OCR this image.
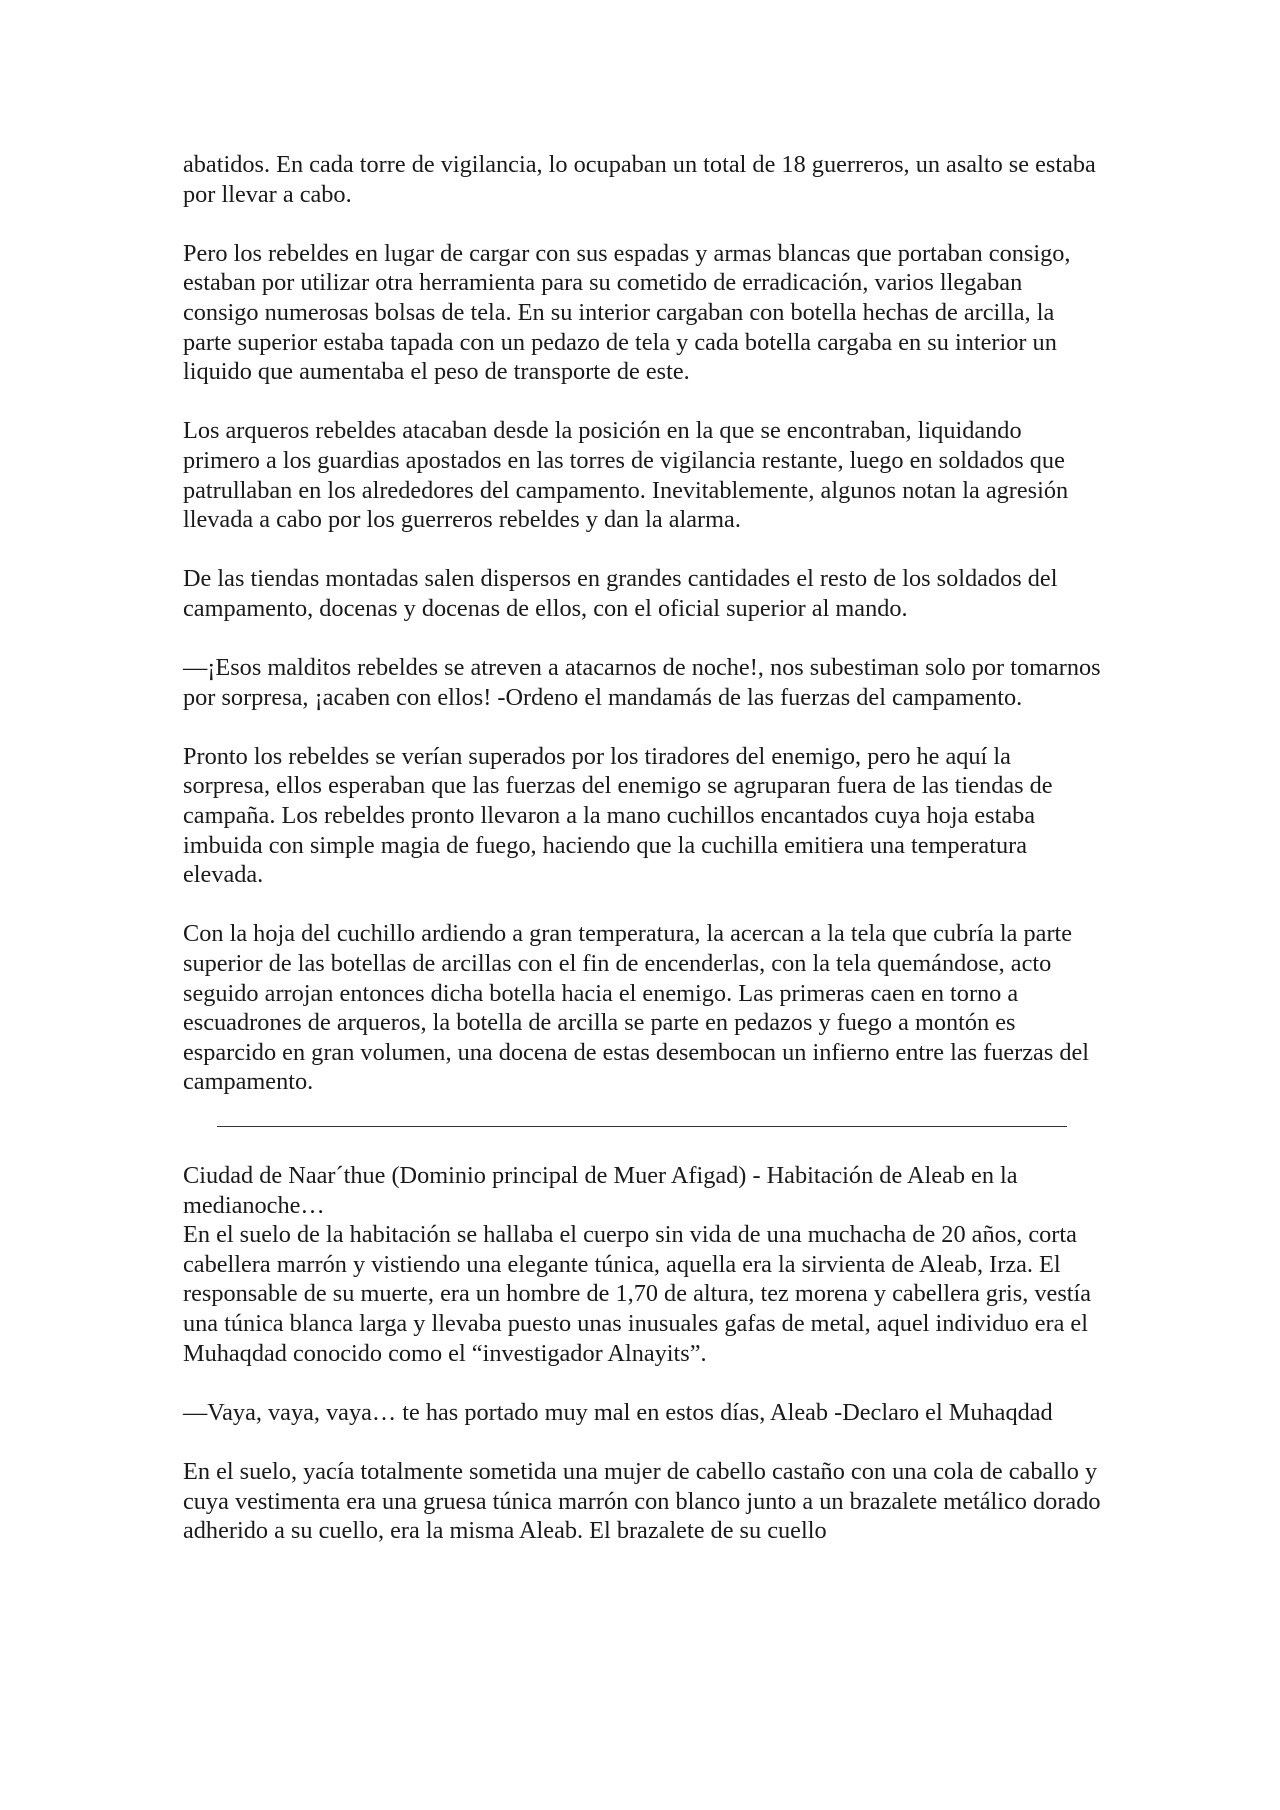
abatidos. En cada torre de vigilancia, lo ocupaban un total de 18 guerreros, un asalto se estaba por llevar a cabo.

Pero los rebeldes en lugar de cargar con sus espadas y armas blancas que portaban consigo, estaban por utilizar otra herramienta para su cometido de erradicación, varios llegaban consigo numerosas bolsas de tela. En su interior cargaban con botella hechas de arcilla, la parte superior estaba tapada con un pedazo de tela y cada botella cargaba en su interior un liquido que aumentaba el peso de transporte de este.

Los arqueros rebeldes atacaban desde la posición en la que se encontraban, liquidando primero a los guardias apostados en las torres de vigilancia restante, luego en soldados que patrullaban en los alrededores del campamento. Inevitablemente, algunos notan la agresión llevada a cabo por los guerreros rebeldes y dan la alarma.

De las tiendas montadas salen dispersos en grandes cantidades el resto de los soldados del campamento, docenas y docenas de ellos, con el oficial superior al mando.

—¡Esos malditos rebeldes se atreven a atacarnos de noche!, nos subestiman solo por tomarnos por sorpresa, ¡acaben con ellos! -Ordeno el mandamás de las fuerzas del campamento.

Pronto los rebeldes se verían superados por los tiradores del enemigo, pero he aquí la sorpresa, ellos esperaban que las fuerzas del enemigo se agruparan fuera de las tiendas de campaña. Los rebeldes pronto llevaron a la mano cuchillos encantados cuya hoja estaba imbuida con simple magia de fuego, haciendo que la cuchilla emitiera una temperatura elevada.

Con la hoja del cuchillo ardiendo a gran temperatura, la acercan a la tela que cubría la parte superior de las botellas de arcillas con el fin de encenderlas, con la tela quemándose, acto seguido arrojan entonces dicha botella hacia el enemigo. Las primeras caen en torno a escuadrones de arqueros, la botella de arcilla se parte en pedazos y fuego a montón es esparcido en gran volumen, una docena de estas desembocan un infierno entre las fuerzas del campamento.

Ciudad de Naar´thue (Dominio principal de Muer Afigad) - Habitación de Aleab en la medianoche…

En el suelo de la habitación se hallaba el cuerpo sin vida de una muchacha de 20 años, corta cabellera marrón y vistiendo una elegante túnica, aquella era la sirvienta de Aleab, Irza. El responsable de su muerte, era un hombre de 1,70 de altura, tez morena y cabellera gris, vestía una túnica blanca larga y llevaba puesto unas inusuales gafas de metal, aquel individuo era el Muhaqdad conocido como el “investigador Alnayits”.

—Vaya, vaya, vaya… te has portado muy mal en estos días, Aleab -Declaro el Muhaqdad

En el suelo, yacía totalmente sometida una mujer de cabello castaño con una cola de caballo y cuya vestimenta era una gruesa túnica marrón con blanco junto a un brazalete metálico dorado adherido a su cuello, era la misma Aleab. El brazalete de su cuello
